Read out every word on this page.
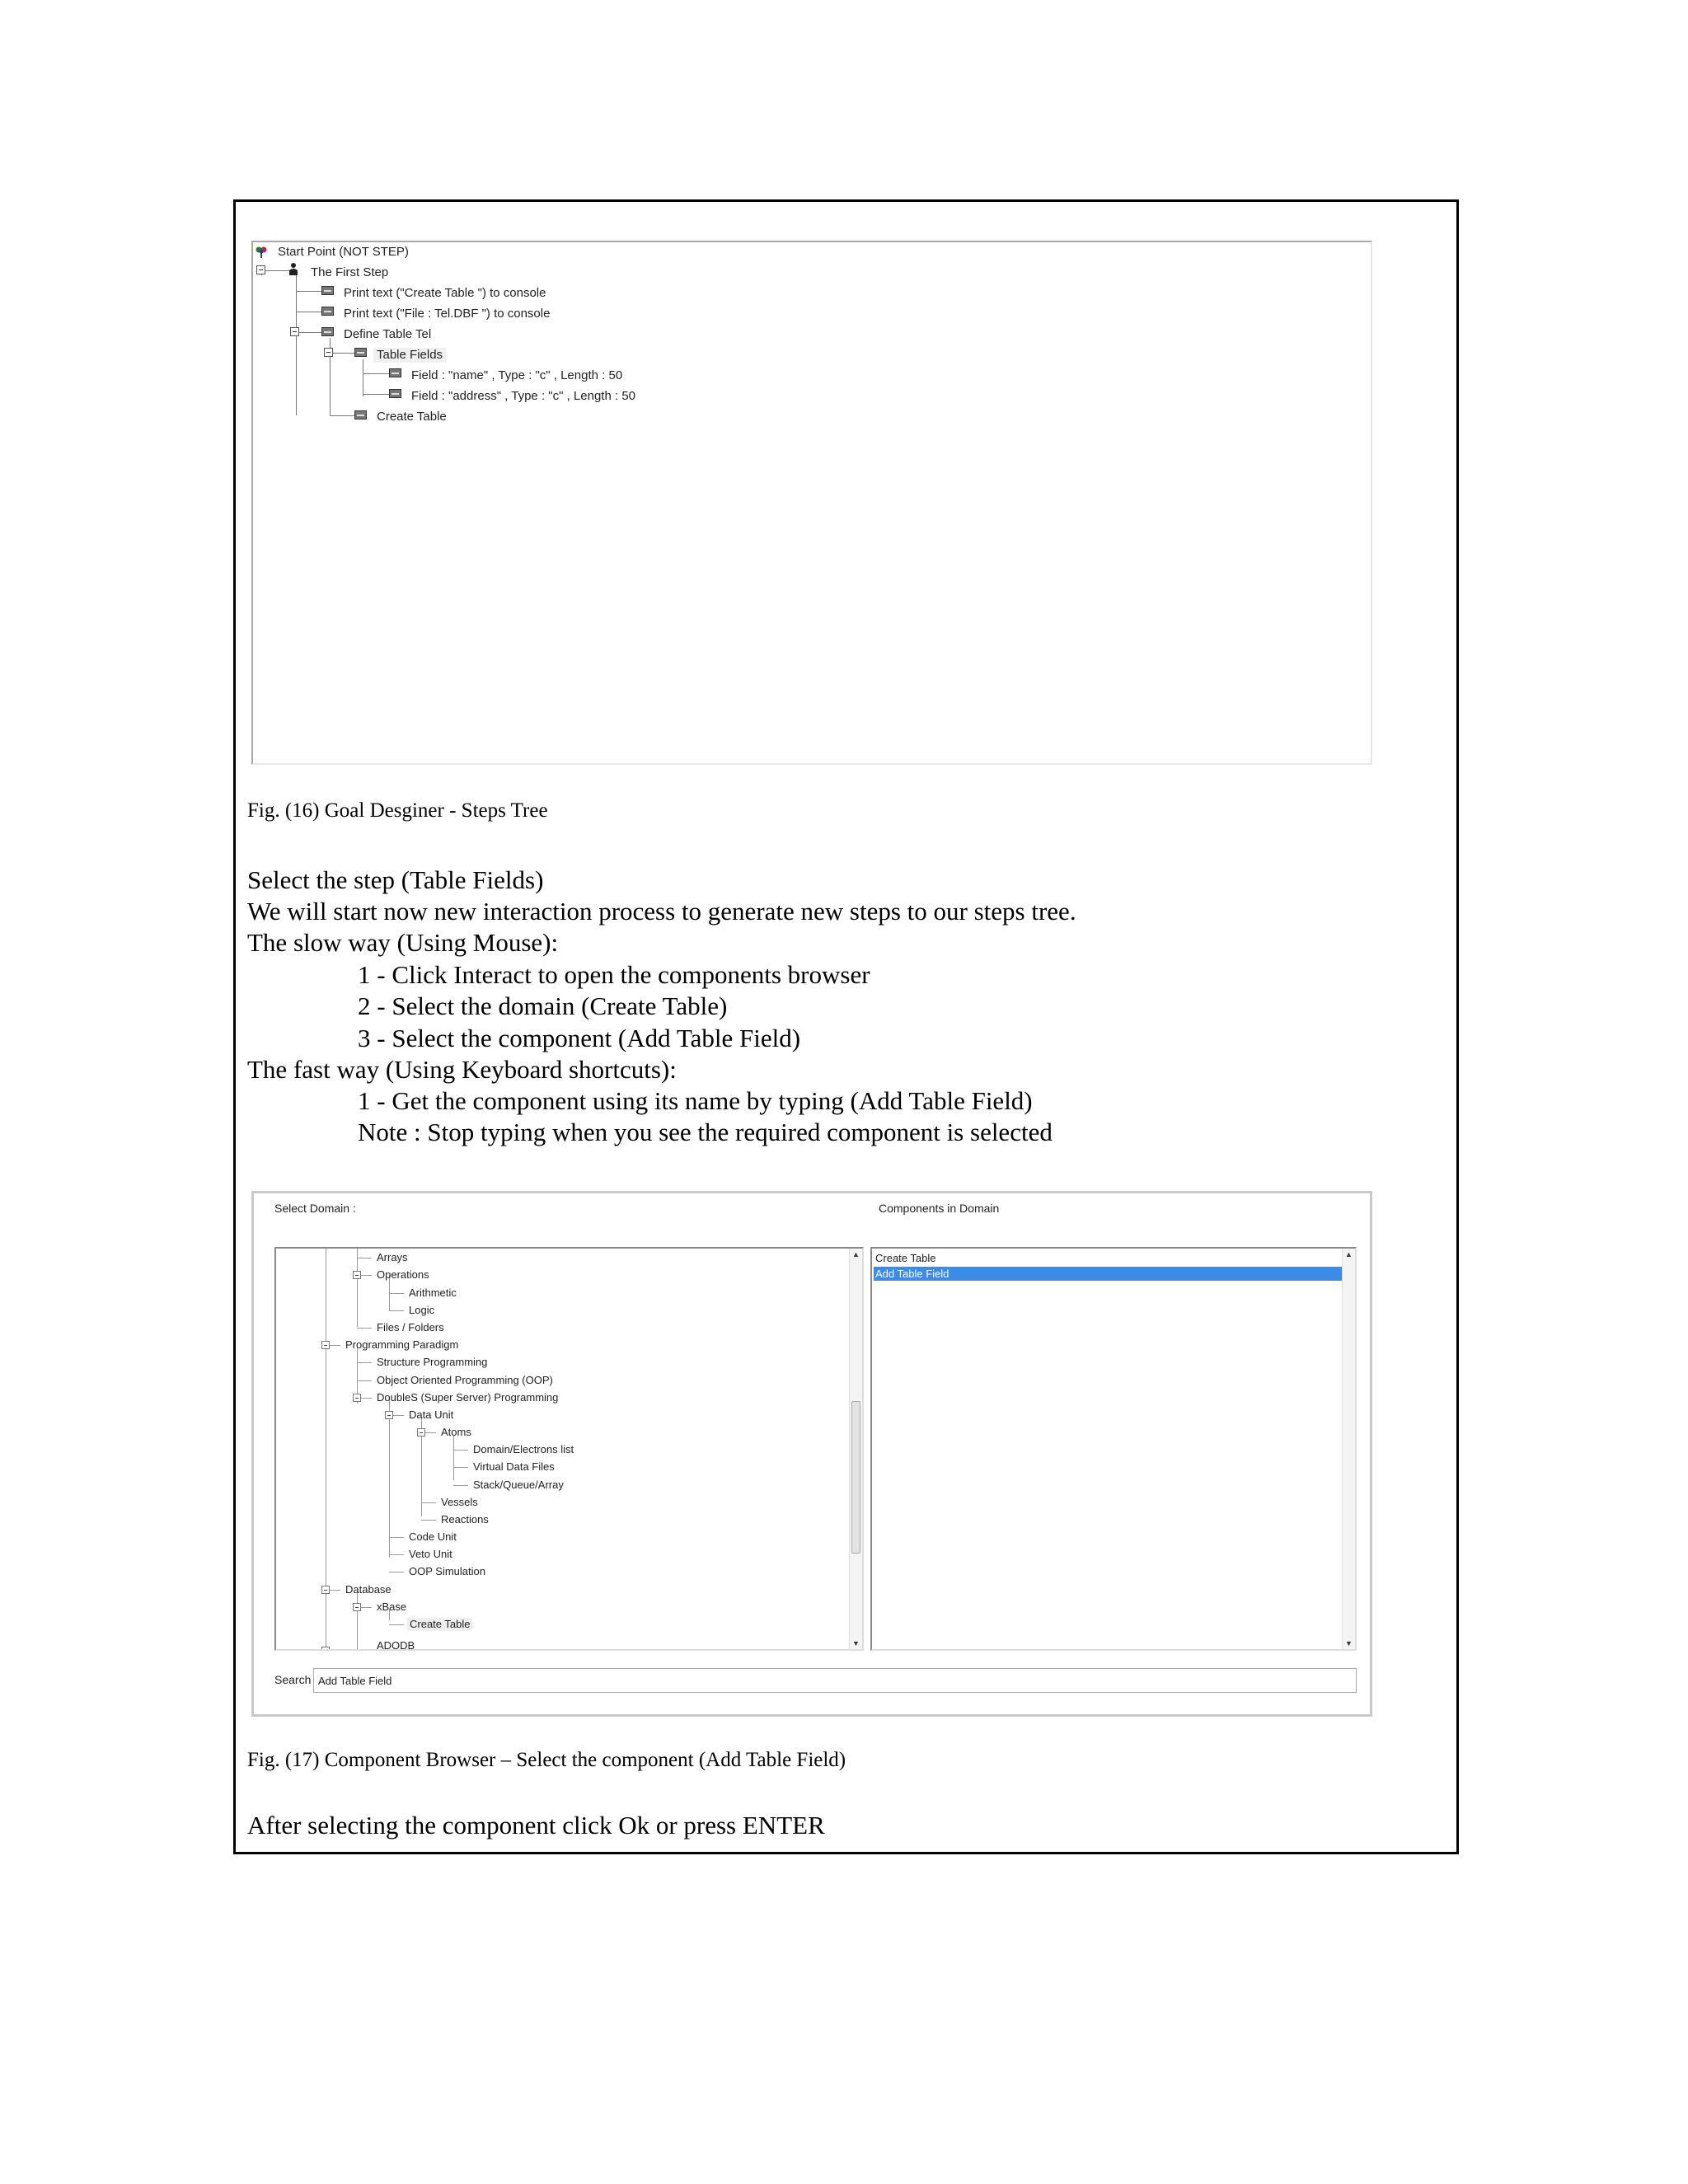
Start Point (NOT STEP)
The First Step
Print text ("Create Table ") to console
Print text ("File : Tel.DBF ") to console
Define Table Tel
Table Fields
Field : "name" , Type : "c" , Length : 50
Field : "address" , Type : "c" , Length : 50
Create Table
Fig. (16) Goal Desginer - Steps Tree
Select the step (Table Fields)
We will start now new interaction process to generate new steps to our steps tree.
The slow way (Using Mouse):
1 - Click Interact to open the components browser
2 - Select the domain (Create Table)
3 - Select the component (Add Table Field)
The fast way (Using Keyboard shortcuts):
1 - Get the component using its name by typing (Add Table Field)
Note : Stop typing when you see the required component is selected
Select Domain :	Components in Domain
Arrays
Operations
Arithmetic
Logic
Files / Folders
Programming Paradigm
Structure Programming
Object Oriented Programming (OOP)
DoubleS (Super Server) Programming
Data Unit
Atoms
Domain/Electrons list
Virtual Data Files
Stack/Queue/Array
Vessels
Reactions
Code Unit
Veto Unit
OOP Simulation
Database
xBase
Create Table
ADODB
▲
▼
Create Table
Add Table Field
▲
▼
Search
Add Table Field
Fig. (17) Component Browser – Select the component (Add Table Field)
After selecting the component click Ok or press ENTER
